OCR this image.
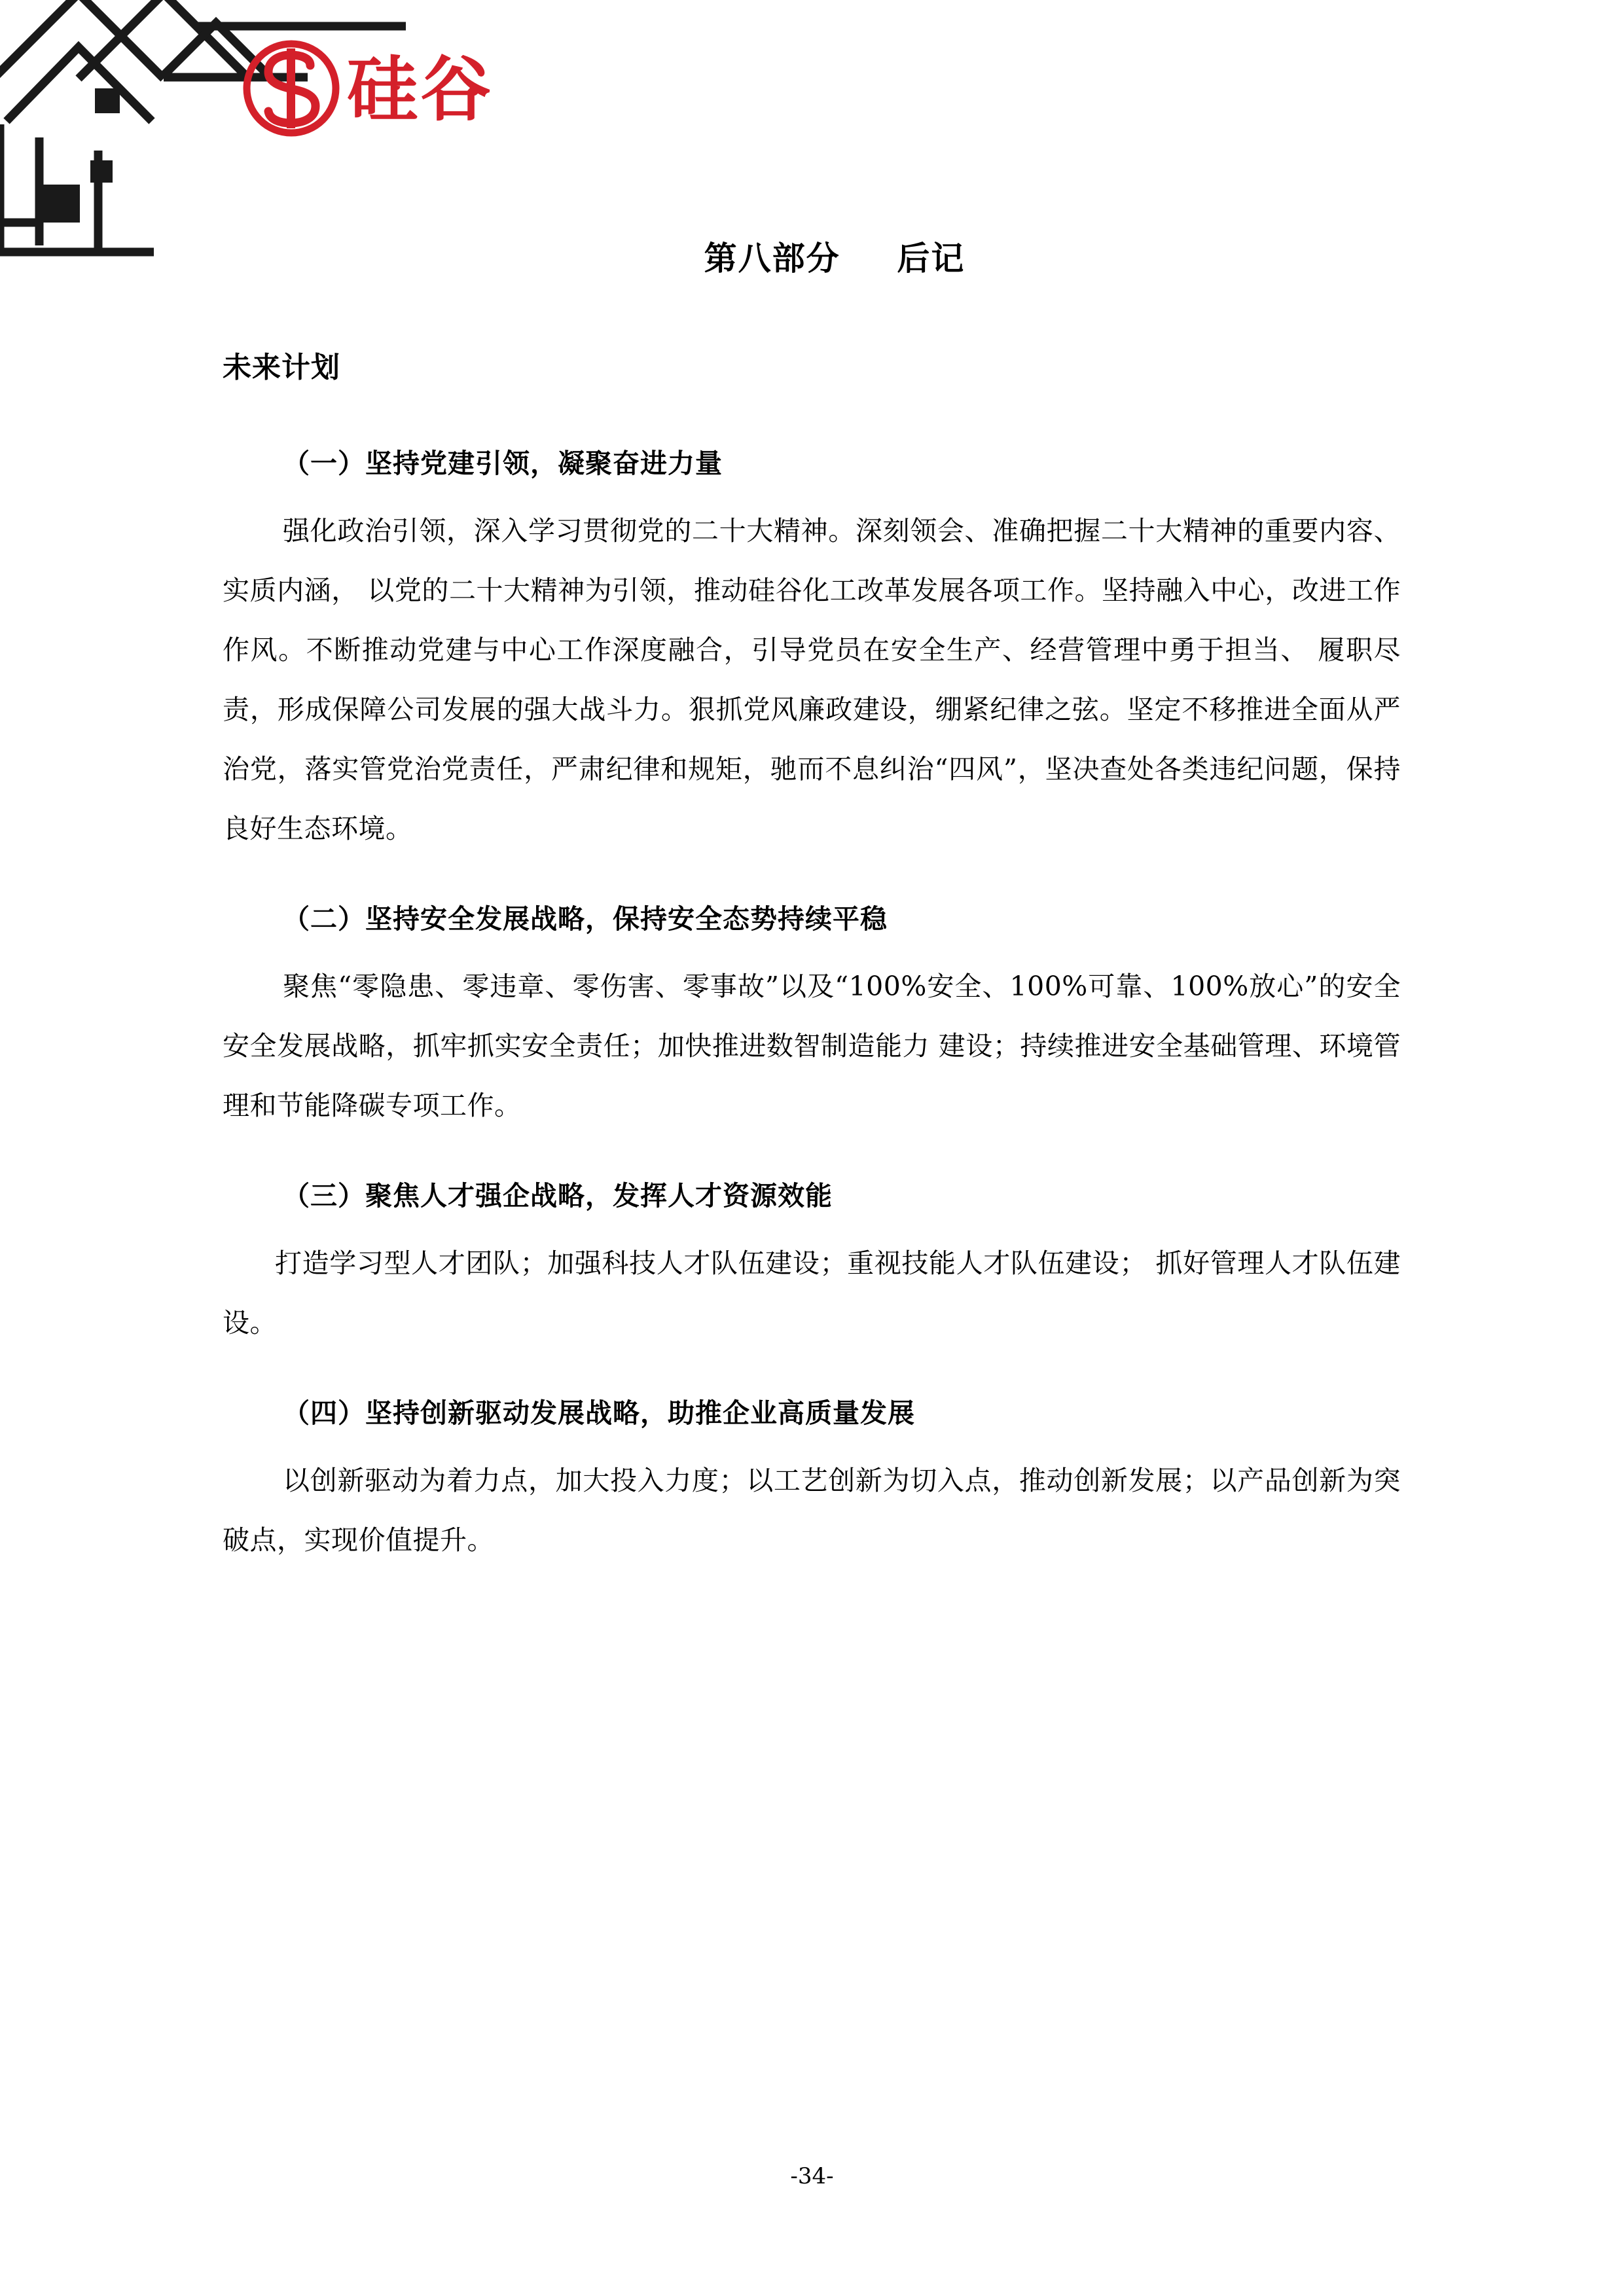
硅谷
第八部分 后记
未来计划
（一）坚持党建引领，凝聚奋进力量

强化政治引领，深入学习贯彻党的二十大精神。深刻领会、准确把握二十大精神的重要内容、实质内涵， 以党的二十大精神为引领，推动硅谷化工改革发展各项工作。坚持融入中心，改进工作作风。不断推动党建与中心工作深度融合，引导党员在安全生产、经营管理中勇于担当、 履职尽责，形成保障公司发展的强大战斗力。狠抓党风廉政建设，绷紧纪律之弦。坚定不移推进全面从严治党，落实管党治党责任，严肃纪律和规矩，驰而不息纠治“四风”，坚决查处各类违纪问题，保持良好生态环境。

（二）坚持安全发展战略，保持安全态势持续平稳

聚焦“零隐患、零违章、零伤害、零事故”以及“100%安全、100%可靠、100%放心”的安全安全发展战略，抓牢抓实安全责任；加快推进数智制造能力 建设；持续推进安全基础管理、环境管理和节能降碳专项工作。

（三）聚焦人才强企战略，发挥人才资源效能

打造学习型人才团队；加强科技人才队伍建设；重视技能人才队伍建设； 抓好管理人才队伍建设。

（四）坚持创新驱动发展战略，助推企业高质量发展

以创新驱动为着力点，加大投入力度；以工艺创新为切入点，推动创新发展；以产品创新为突破点，实现价值提升。

-34-
